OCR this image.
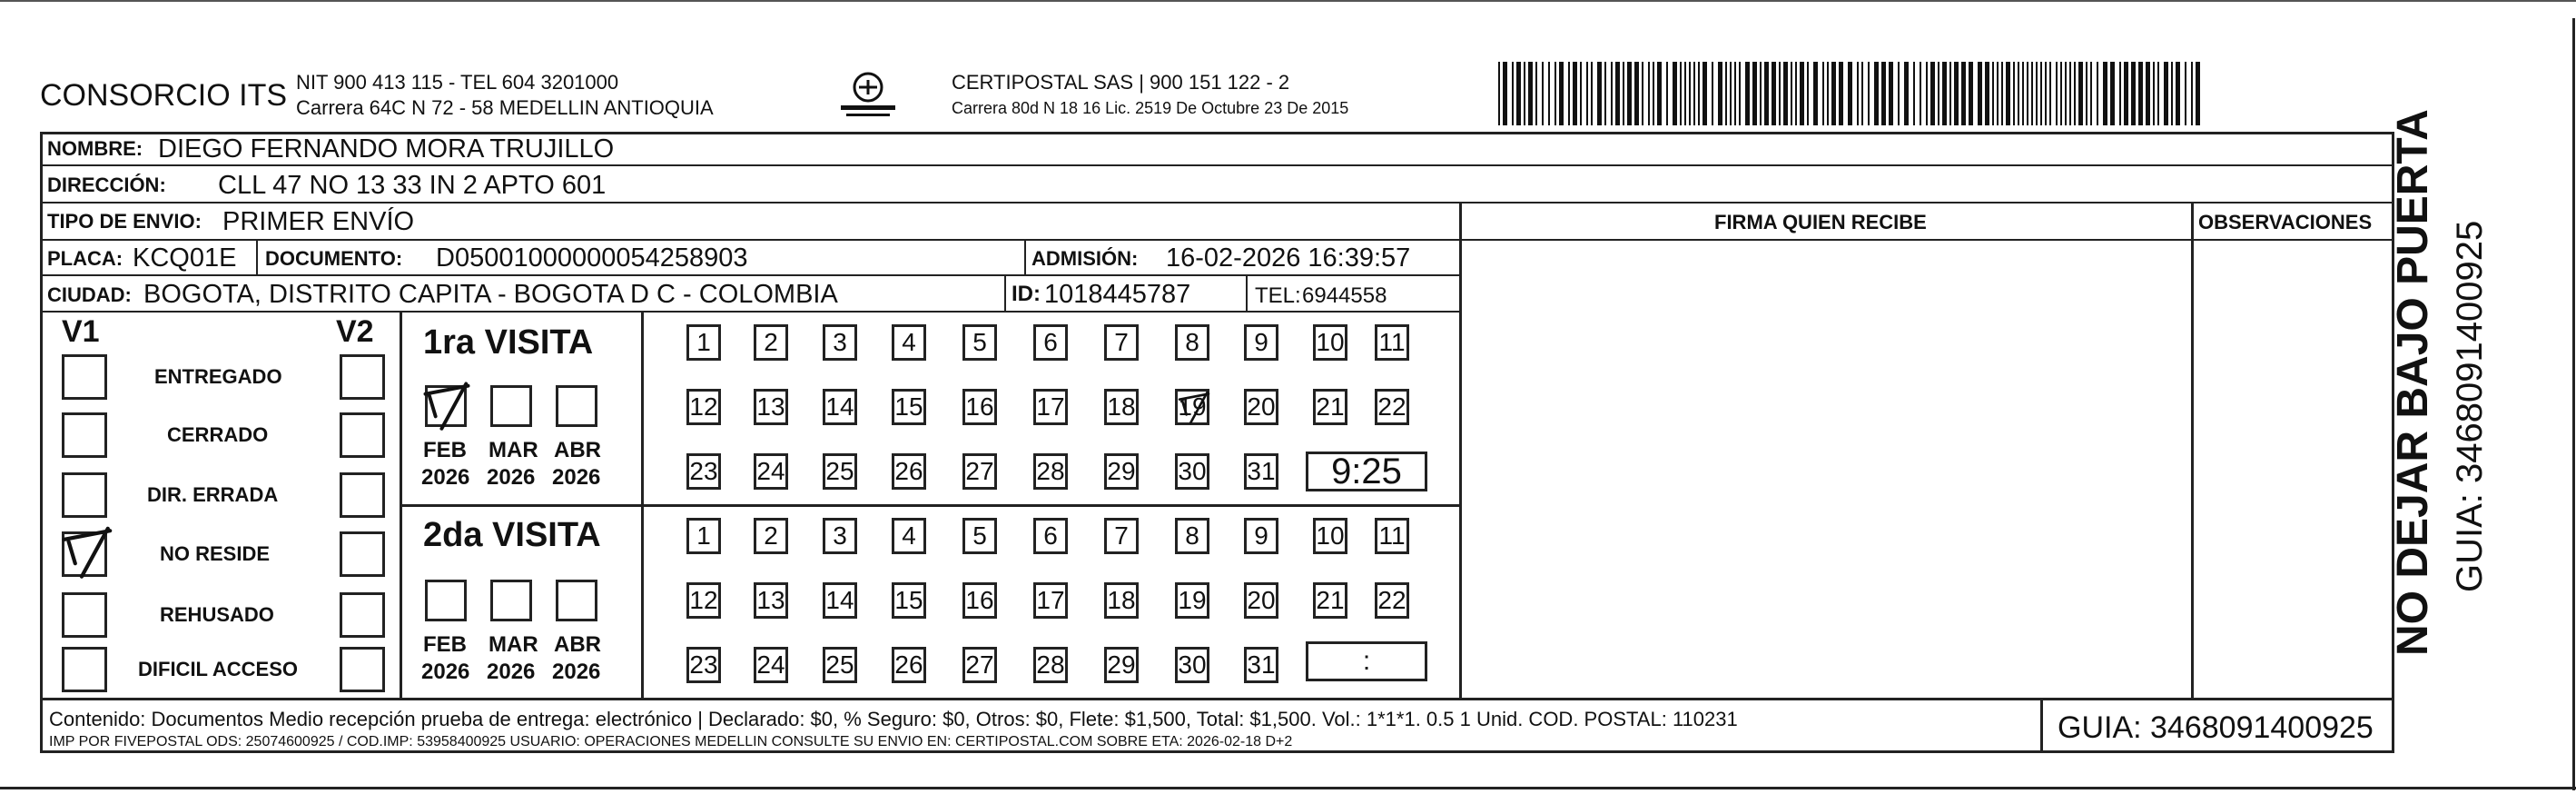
CONSORCIO ITS NIT 900 413 115 - TEL 604 3201000
Carrera 64C N 72 - 58 MEDELLIN ANTIOQUIA
CERTIPOSTAL SAS | 900 151 122 - 2
Carrera 80d N 18 16 Lic. 2519 De Octubre 23 De 2015
NOMBRE: DIEGO FERNANDO MORA TRUJILLO
DIRECCIÓN: CLL 47 NO 13 33 IN 2 APTO 601
TIPO DE ENVIO: PRIMER ENVÍO
PLACA: KCQ01E DOCUMENTO: D05001000000054258903	ADMISIÓN: 16-02-2026 16:39:57
CIUDAD: BOGOTA, DISTRITO CAPITA - BOGOTA D C - COLOMBIA	ID: 1018445787	TEL: 6944558
FIRMA QUIEN RECIBE	OBSERVACIONES
V1	V2
ENTREGADO
CERRADO
DIR. ERRADA
NO RESIDE
REHUSADO
DIFICIL ACCESO
1ra VISITA
2da VISITA
FEB
2026
MAR
2026
ABR
2026
FEB
2026
MAR
2026
ABR
2026
1	2	3	4	5	6	7	8	9	10 11
12 13 14 15 16 17 18 19 20 21 22
23 24 25 26 27 28 29 30 31	9:25
1	2	3	4	5	6	7	8	9	10 11
12 13 14 15 16 17 18 19 20 21 22
23 24 25 26 27 28 29 30 31	:
Contenido: Documentos Medio recepción prueba de entrega: electrónico | Declarado: $0, % Seguro: $0, Otros: $0, Flete: $1,500, Total: $1,500. Vol.: 1*1*1. 0.5 1 Unid. COD. POSTAL: 110231
IMP POR FIVEPOSTAL ODS: 25074600925 / COD.IMP: 53958400925 USUARIO: OPERACIONES MEDELLIN CONSULTE SU ENVIO EN: CERTIPOSTAL.COM SOBRE ETA: 2026-02-18 D+2	GUIA: 3468091400925
NO DEJAR BAJO PUERTA GUIA: 3468091400925
